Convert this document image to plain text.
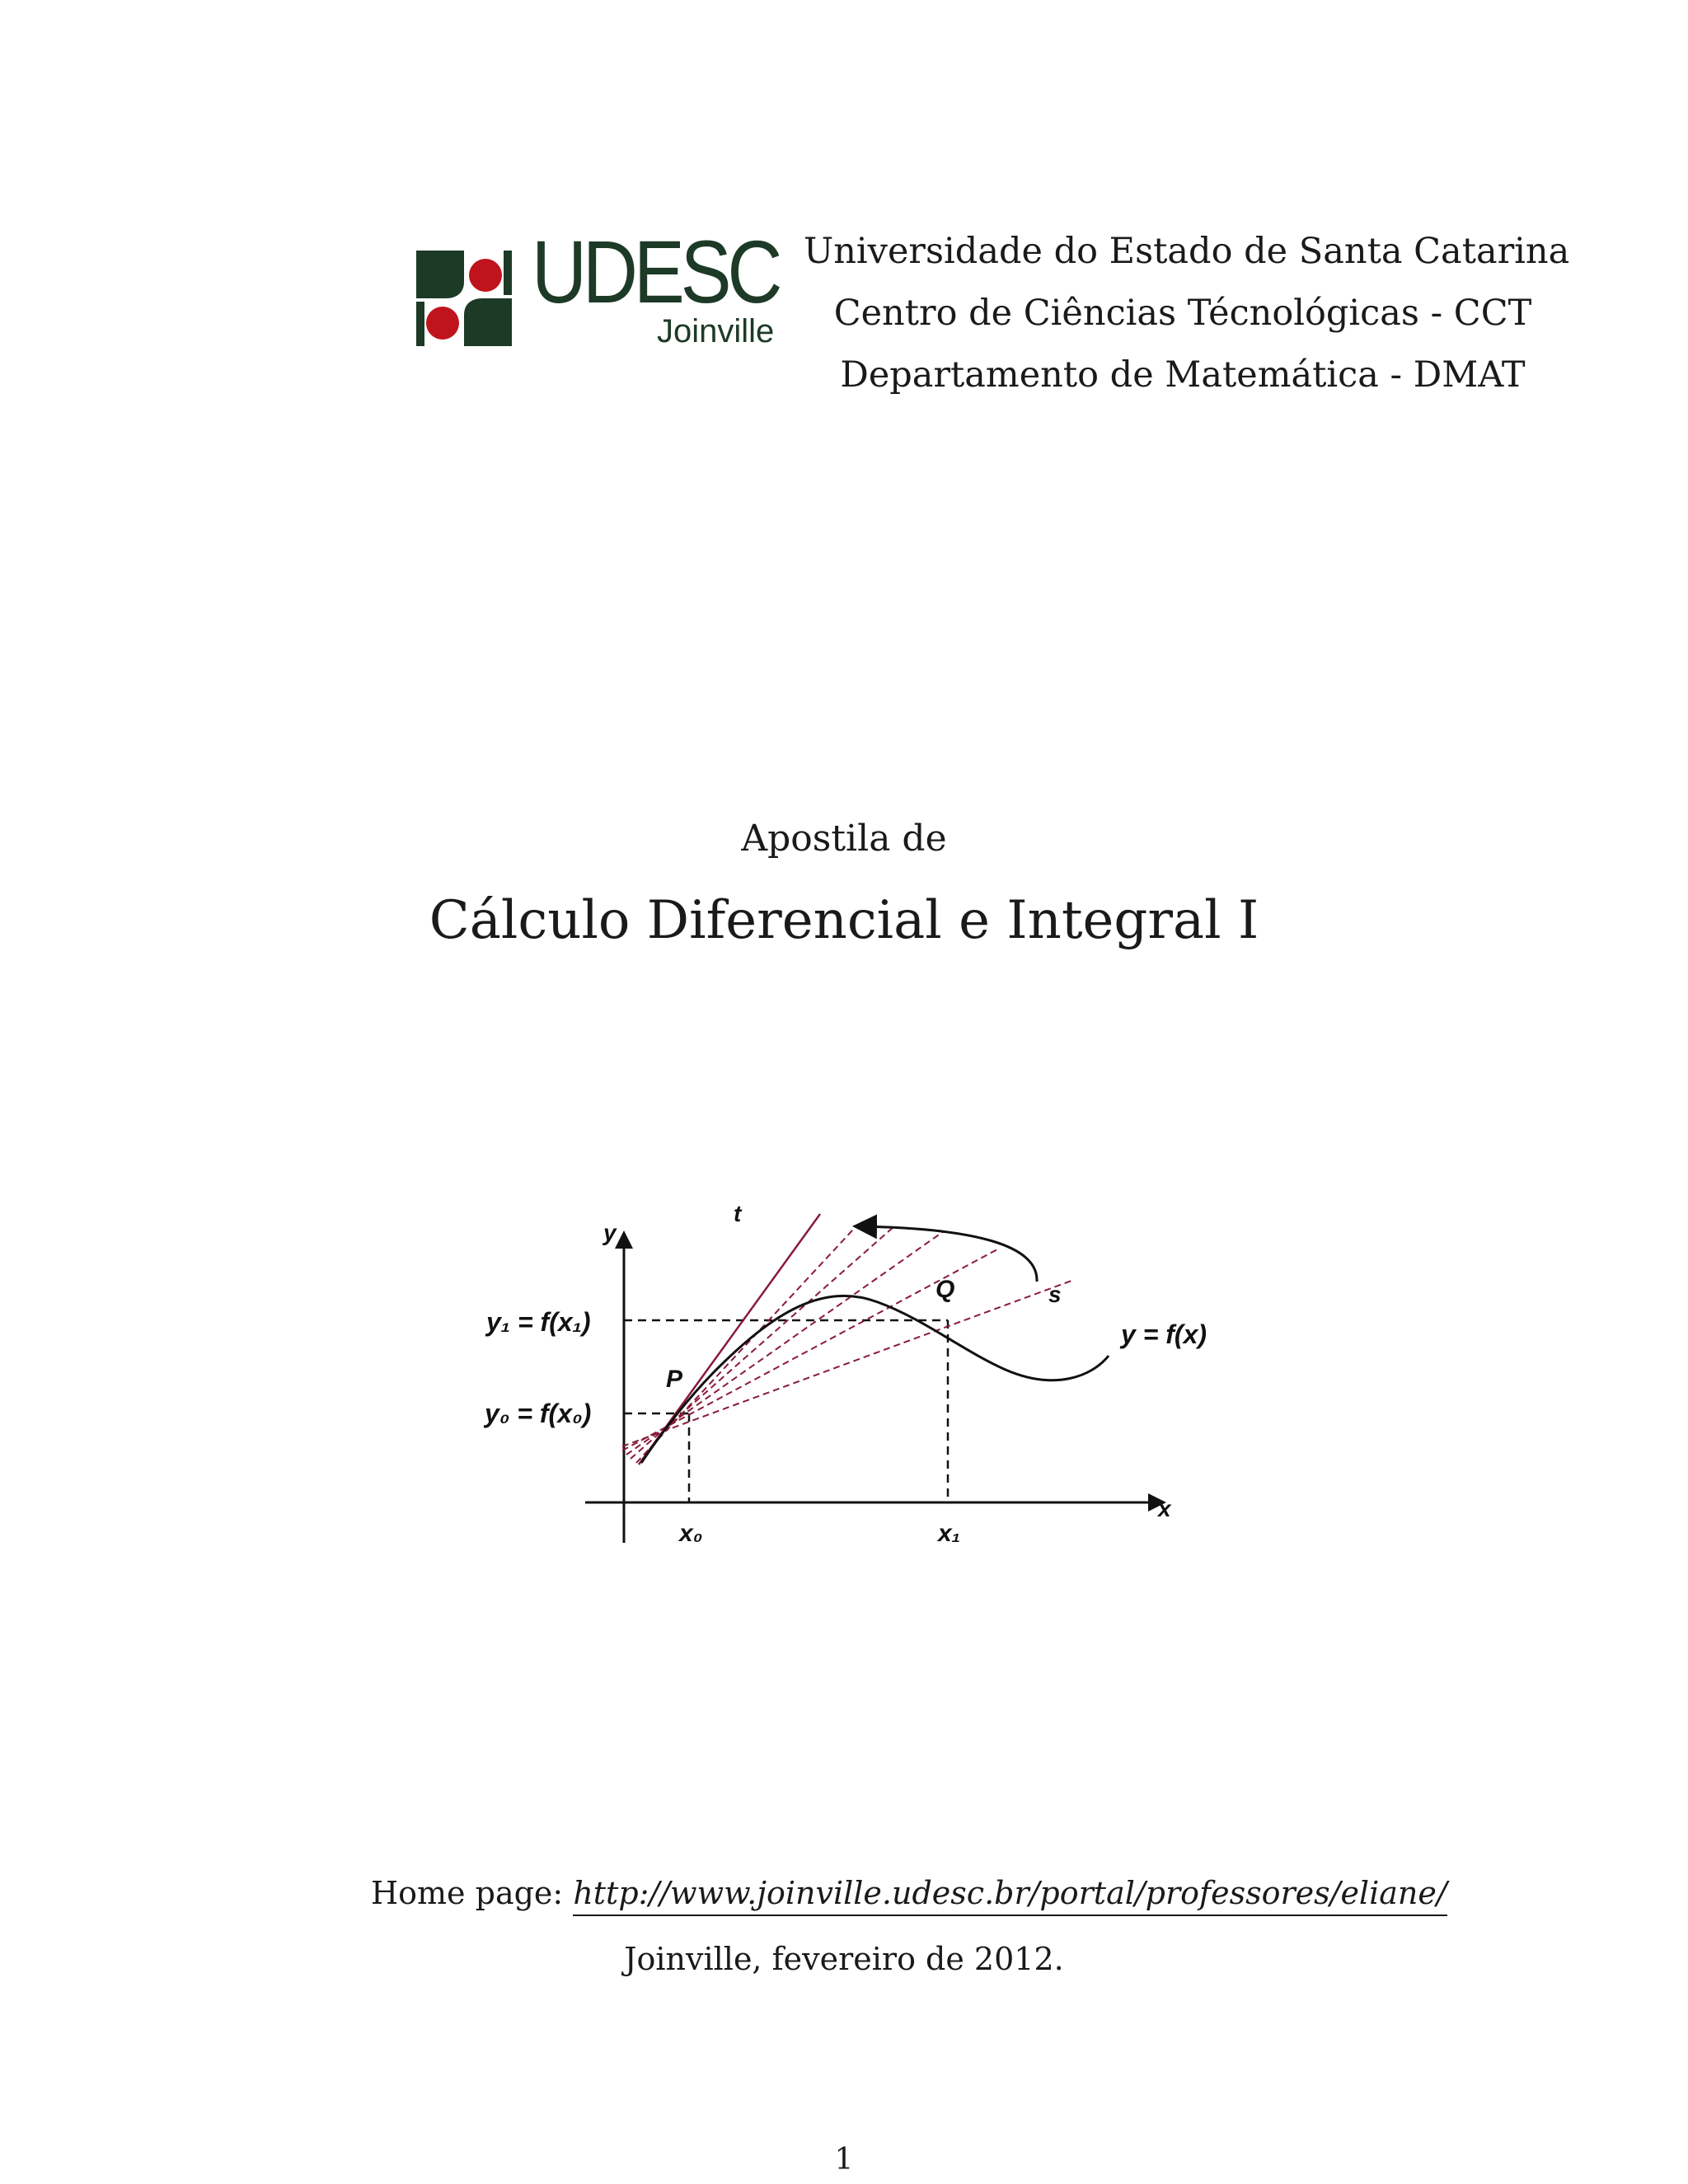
UDESC
Joinville
Universidade do Estado de Santa Catarina
Centro de Ciências Técnológicas - CCT
Departamento de Matemática - DMAT
Apostila de
Cálculo Diferencial e Integral I
y
x
t
s
P
Q
y = f(x)
y₁ = f(x₁)
y₀ = f(x₀)
x₀	x₁
Home page: http://www.joinville.udesc.br/portal/professores/eliane/
Joinville, fevereiro de 2012.
1
